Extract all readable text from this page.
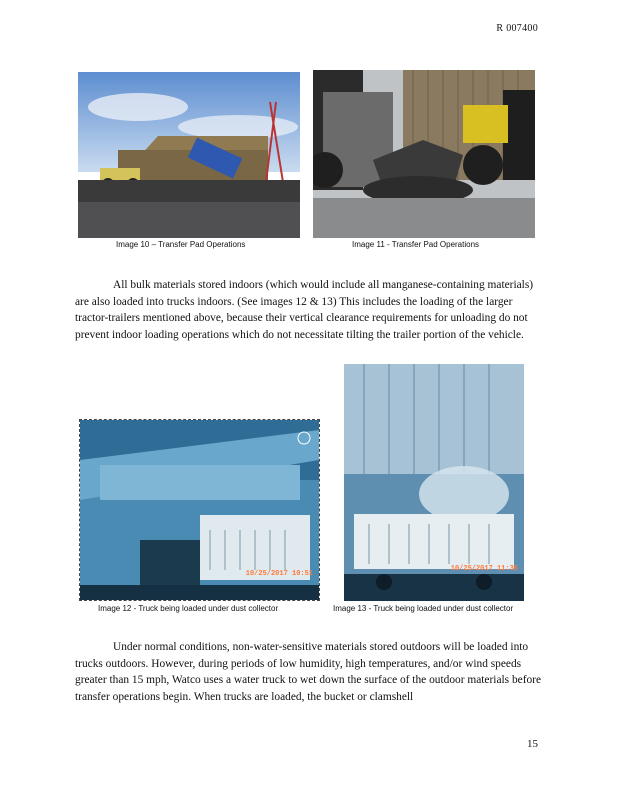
R 007400
Image 10 – Transfer Pad Operations	Image 11 - Transfer Pad Operations

All bulk materials stored indoors (which would include all manganese-containing materials) are also loaded into trucks indoors. (See images 12 & 13) This includes the loading of the larger tractor-trailers mentioned above, because their vertical clearance requirements for unloading do not prevent indoor loading operations which do not necessitate tilting the trailer portion of the vehicle.

10/25/2017 10:51
Image 12 - Truck being loaded under dust collector
10/25/2017 11:35
Image 13 - Truck being loaded under dust collector

Under normal conditions, non-water-sensitive materials stored outdoors will be loaded into trucks outdoors. However, during periods of low humidity, high temperatures, and/or wind speeds greater than 15 mph, Watco uses a water truck to wet down the surface of the outdoor materials before transfer operations begin. When trucks are loaded, the bucket or clamshell

15
